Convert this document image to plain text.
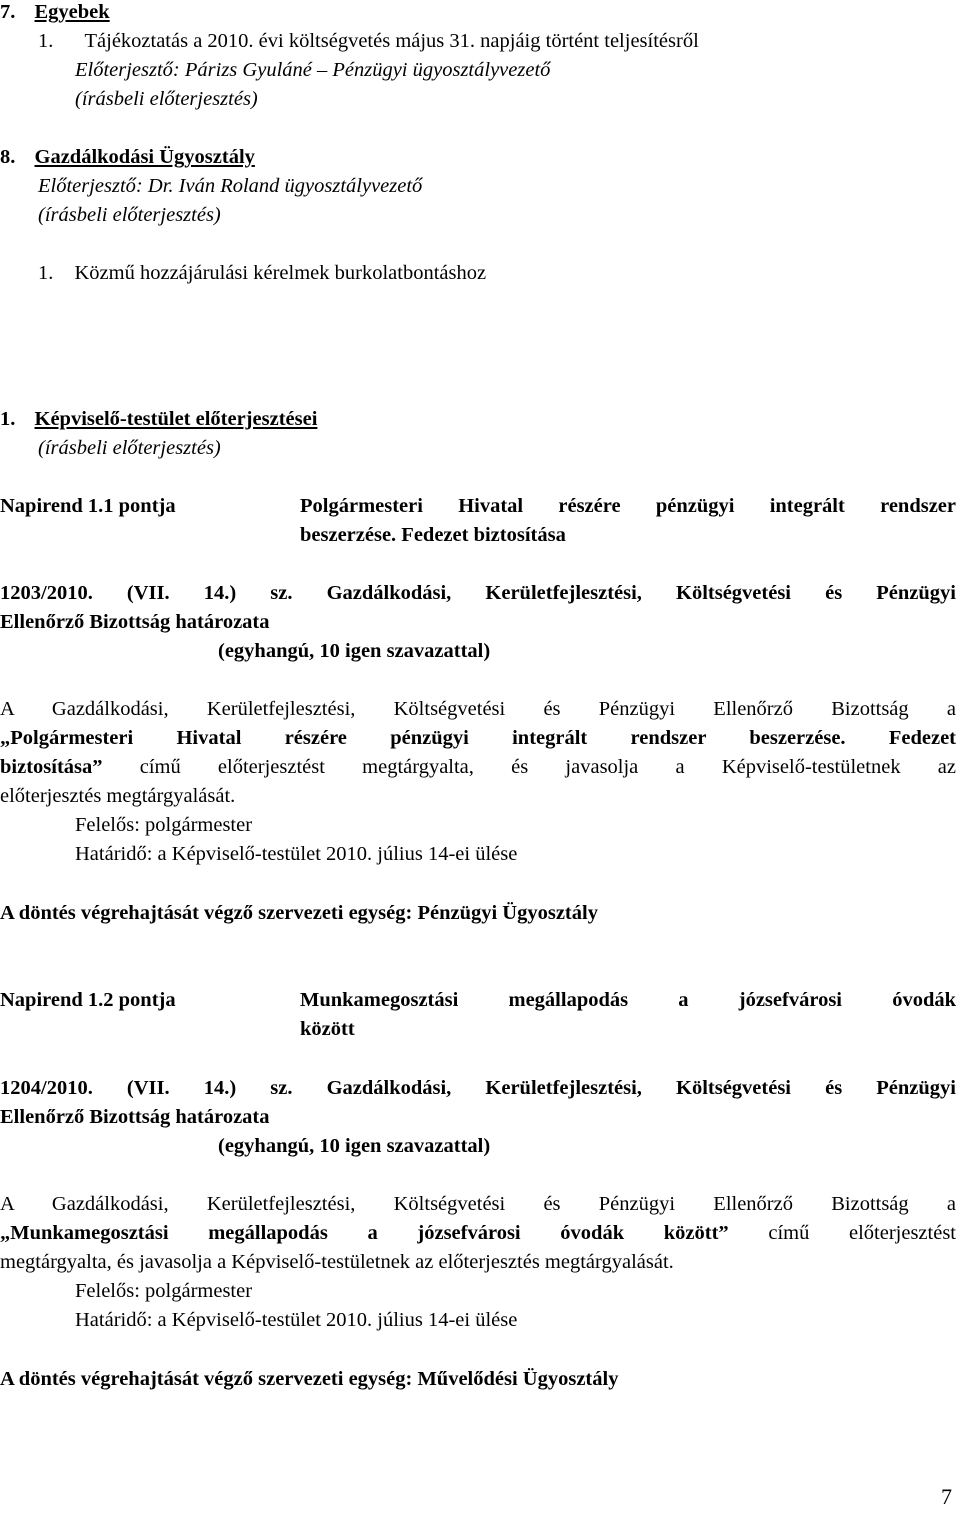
7. Egyebek
1. Tájékoztatás a 2010. évi költségvetés május 31. napjáig történt teljesítésről
Előterjesztő: Párizs Gyuláné – Pénzügyi ügyosztályvezető
(írásbeli előterjesztés)
8. Gazdálkodási Ügyosztály
Előterjesztő: Dr. Iván Roland ügyosztályvezető
(írásbeli előterjesztés)
1. Közmű hozzájárulási kérelmek burkolatbontáshoz
1. Képviselő-testület előterjesztései
(írásbeli előterjesztés)
Napirend 1.1 pontja	Polgármesteri Hivatal részére pénzügyi integrált rendszer
beszerzése. Fedezet biztosítása
1203/2010. (VII. 14.) sz. Gazdálkodási, Kerületfejlesztési, Költségvetési és Pénzügyi
Ellenőrző Bizottság határozata
(egyhangú, 10 igen szavazattal)
A Gazdálkodási, Kerületfejlesztési, Költségvetési és Pénzügyi Ellenőrző Bizottság a
„Polgármesteri Hivatal részére pénzügyi integrált rendszer beszerzése. Fedezet
biztosítása” című előterjesztést megtárgyalta, és javasolja a Képviselő-testületnek az
előterjesztés megtárgyalását.
Felelős: polgármester
Határidő: a Képviselő-testület 2010. július 14-ei ülése
A döntés végrehajtását végző szervezeti egység: Pénzügyi Ügyosztály
Napirend 1.2 pontja	Munkamegosztási megállapodás a józsefvárosi óvodák
között
1204/2010. (VII. 14.) sz. Gazdálkodási, Kerületfejlesztési, Költségvetési és Pénzügyi
Ellenőrző Bizottság határozata
(egyhangú, 10 igen szavazattal)
A Gazdálkodási, Kerületfejlesztési, Költségvetési és Pénzügyi Ellenőrző Bizottság a
„Munkamegosztási megállapodás a józsefvárosi óvodák között” című előterjesztést
megtárgyalta, és javasolja a Képviselő-testületnek az előterjesztés megtárgyalását.
Felelős: polgármester
Határidő: a Képviselő-testület 2010. július 14-ei ülése
A döntés végrehajtását végző szervezeti egység: Művelődési Ügyosztály
7
